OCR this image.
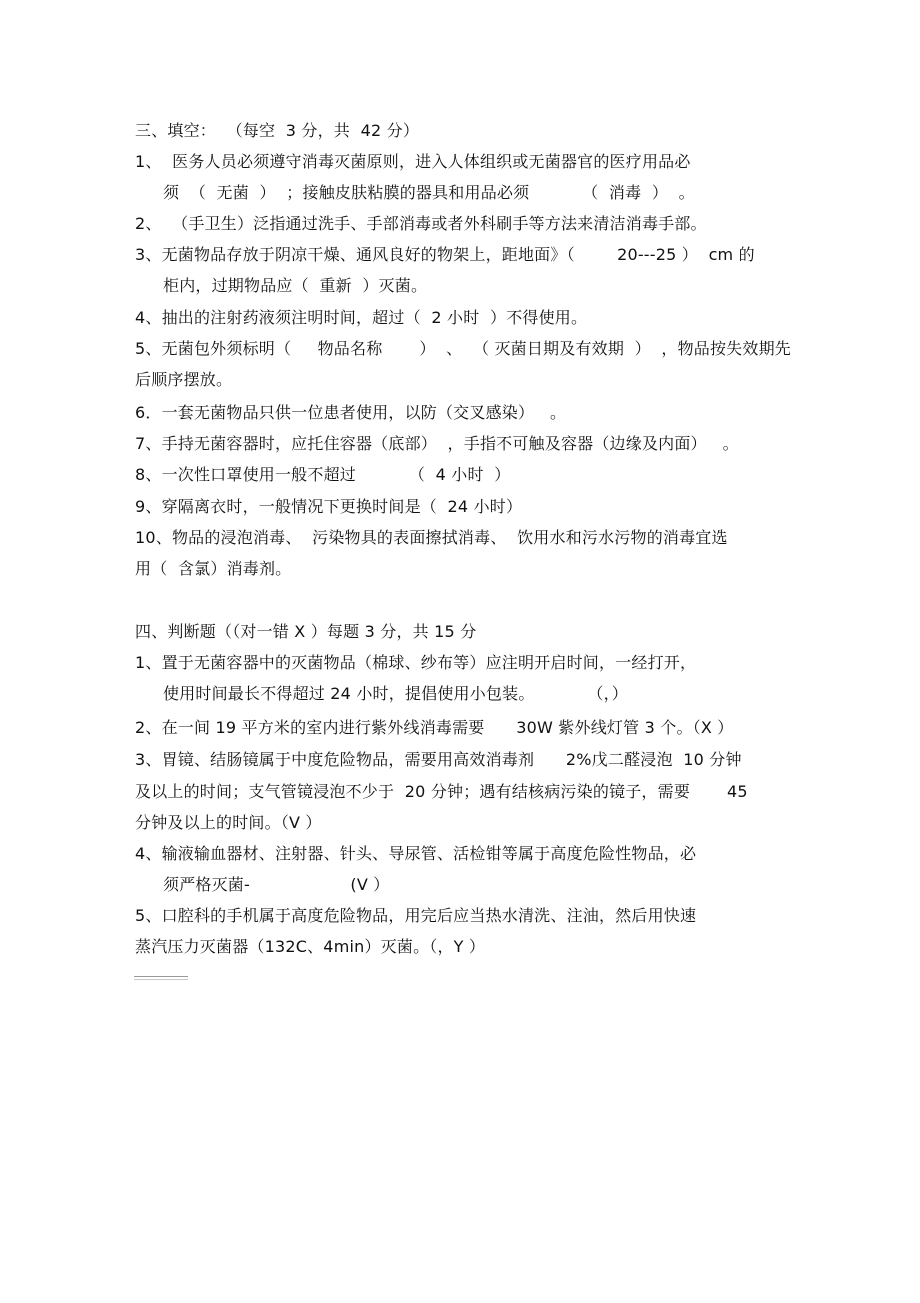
三、填空：  （每空  3 分，共  42 分）
1、  医务人员必须遵守消毒灭菌原则，进入人体组织或无菌器官的医疗用品必
须  （  无菌  ）  ；接触皮肤粘膜的器具和用品必须          （  消毒  ）  。
2、  （手卫生）泛指通过洗手、手部消毒或者外科刷手等方法来清洁消毒手部。
3、无菌物品存放于阴凉干燥、通风良好的物架上，距地面》（        20---25 ）  cm 的
柜内，过期物品应（  重新  ）灭菌。
4、抽出的注射药液须注明时间，超过（  2 小时  ）不得使用。
5、无菌包外须标明（     物品名称       ）  、  （ 灭菌日期及有效期  ）  ，物品按失效期先
后顺序摆放。
6．一套无菌物品只供一位患者使用，以防（交叉感染）   。
7、手持无菌容器时，应托住容器（底部）  ，手指不可触及容器（边缘及内面）   。
8、一次性口罩使用一般不超过          （  4 小时  ）
9、穿隔离衣时，一般情况下更换时间是（  24 小时）
10、物品的浸泡消毒、  污染物具的表面擦拭消毒、  饮用水和污水污物的消毒宜选
用（  含氯）消毒剂。
四、判断题（（对一错 X ）每题 3 分，共 15 分
1、置于无菌容器中的灭菌物品（棉球、纱布等）应注明开启时间，一经打开，
使用时间最长不得超过 24 小时，提倡使用小包装。          （，）
2、在一间 19 平方米的室内进行紫外线消毒需要      30W 紫外线灯管 3 个。（X ）
3、胃镜、结肠镜属于中度危险物品，需要用高效消毒剂      2%戊二醛浸泡  10 分钟
及以上的时间；支气管镜浸泡不少于  20 分钟；遇有结核病污染的镜子，需要       45
分钟及以上的时间。（V ）
4、输液输血器材、注射器、针头、导尿管、活检钳等属于高度危险性物品，必
须严格灭菌-                   (V ）
5、口腔科的手机属于高度危险物品，用完后应当热水清洗、注油，然后用快速
蒸汽压力灭菌器（132C、4min）灭菌。（，Y ）
